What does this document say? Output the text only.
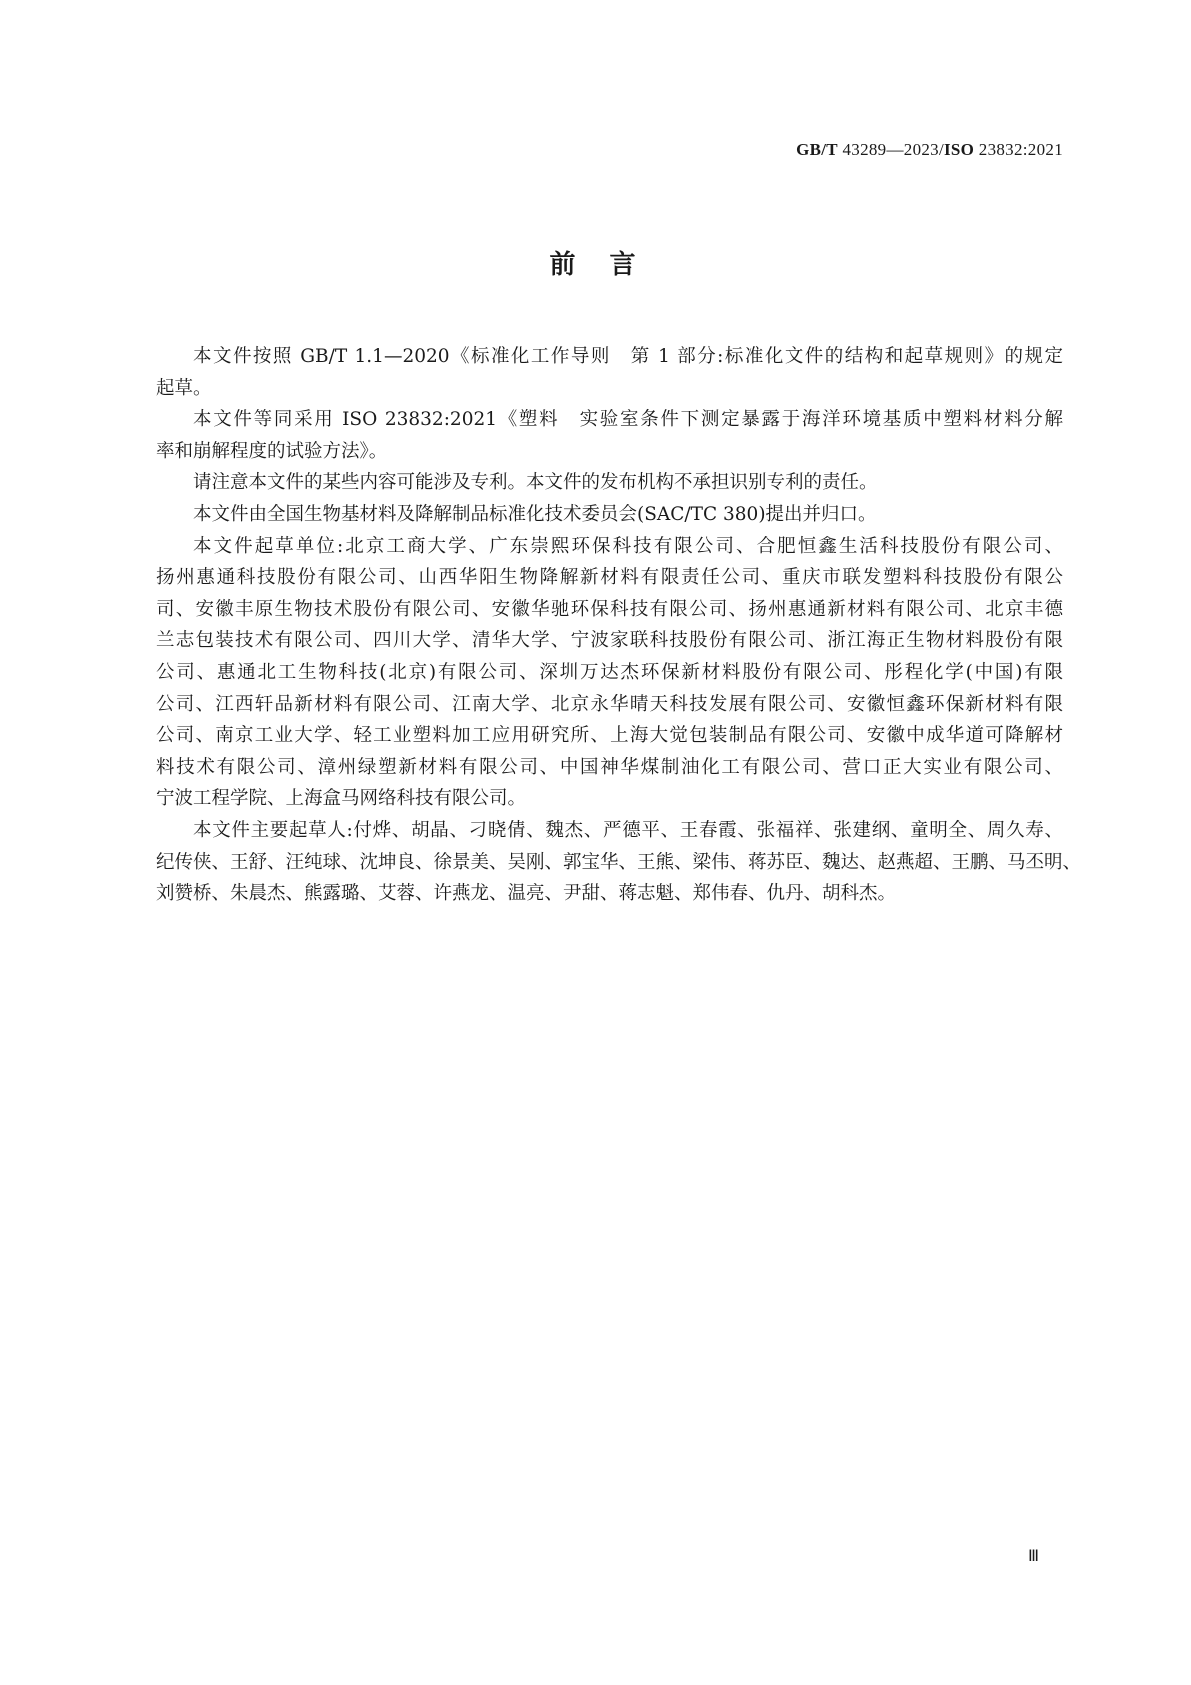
GB/T 43289—2023/ISO 23832:2021
前言
本文件按照 GB/T 1.1—2020《标准化工作导则　第 1 部分:标准化文件的结构和起草规则》的规定
起草。
本文件等同采用 ISO 23832:2021《塑料　实验室条件下测定暴露于海洋环境基质中塑料材料分解
率和崩解程度的试验方法》。
请注意本文件的某些内容可能涉及专利。本文件的发布机构不承担识别专利的责任。
本文件由全国生物基材料及降解制品标准化技术委员会(SAC/TC 380)提出并归口。
本文件起草单位:北京工商大学、广东崇熙环保科技有限公司、合肥恒鑫生活科技股份有限公司、
扬州惠通科技股份有限公司、山西华阳生物降解新材料有限责任公司、重庆市联发塑料科技股份有限公
司、安徽丰原生物技术股份有限公司、安徽华驰环保科技有限公司、扬州惠通新材料有限公司、北京丰德
兰志包装技术有限公司、四川大学、清华大学、宁波家联科技股份有限公司、浙江海正生物材料股份有限
公司、惠通北工生物科技(北京)有限公司、深圳万达杰环保新材料股份有限公司、彤程化学(中国)有限
公司、江西轩品新材料有限公司、江南大学、北京永华晴天科技发展有限公司、安徽恒鑫环保新材料有限
公司、南京工业大学、轻工业塑料加工应用研究所、上海大觉包装制品有限公司、安徽中成华道可降解材
料技术有限公司、漳州绿塑新材料有限公司、中国神华煤制油化工有限公司、营口正大实业有限公司、
宁波工程学院、上海盒马网络科技有限公司。
本文件主要起草人:付烨、胡晶、刁晓倩、魏杰、严德平、王春霞、张福祥、张建纲、童明全、周久寿、
纪传侠、王舒、汪纯球、沈坤良、徐景美、吴刚、郭宝华、王熊、梁伟、蒋苏臣、魏达、赵燕超、王鹏、马丕明、
刘赞桥、朱晨杰、熊露璐、艾蓉、许燕龙、温亮、尹甜、蒋志魁、郑伟春、仇丹、胡科杰。
Ⅲ
